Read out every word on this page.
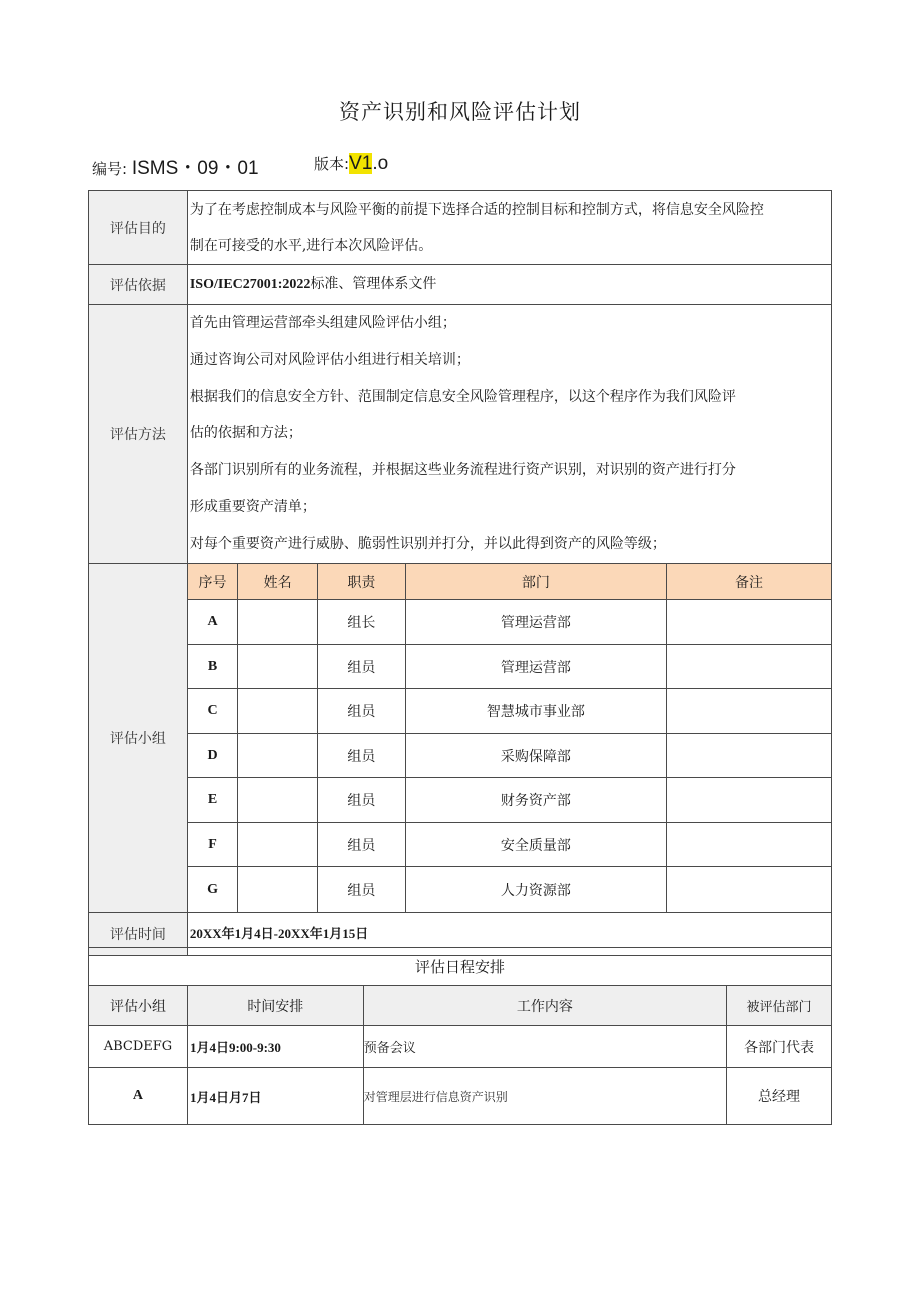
资产识别和风险评估计划
编号: ISMS・09・01	版本:V1.o
评估目的	
为了在考虑控制成本与风险平衡的前提下选择合适的控制目标和控制方式，将信息安全风险控
制在可接受的水平,进行本次风险评估。

评估依据	ISO/IEC27001:2022标准、管理体系文件
评估方法	
首先由管理运营部牵头组建风险评估小组；
通过咨询公司对风险评估小组进行相关培训；
根据我们的信息安全方针、范围制定信息安全风险管理程序，以这个程序作为我们风险评
估的依据和方法；
各部门识别所有的业务流程，并根据这些业务流程进行资产识别，对识别的资产进行打分
形成重要资产清单；
对每个重要资产进行威胁、脆弱性识别并打分，并以此得到资产的风险等级；

评估小组	
序号	姓名	职责	部门	备注
A		组长	管理运营部	
B		组员	管理运营部	
C		组员	智慧城市事业部	
D		组员	采购保障部	
E		组员	财务资产部	
F		组员	安全质量部	
G		组员	人力资源部	

评估时间	20XX年1月4日-20XX年1月15日
评估日程安排			
评估小组	时间安排	工作内容	被评估部门
ABCDEFG	1月4日9:00-9:30	预备会议	各部门代表
A	1月4日月7日	对管理层进行信息资产识别	总经理
